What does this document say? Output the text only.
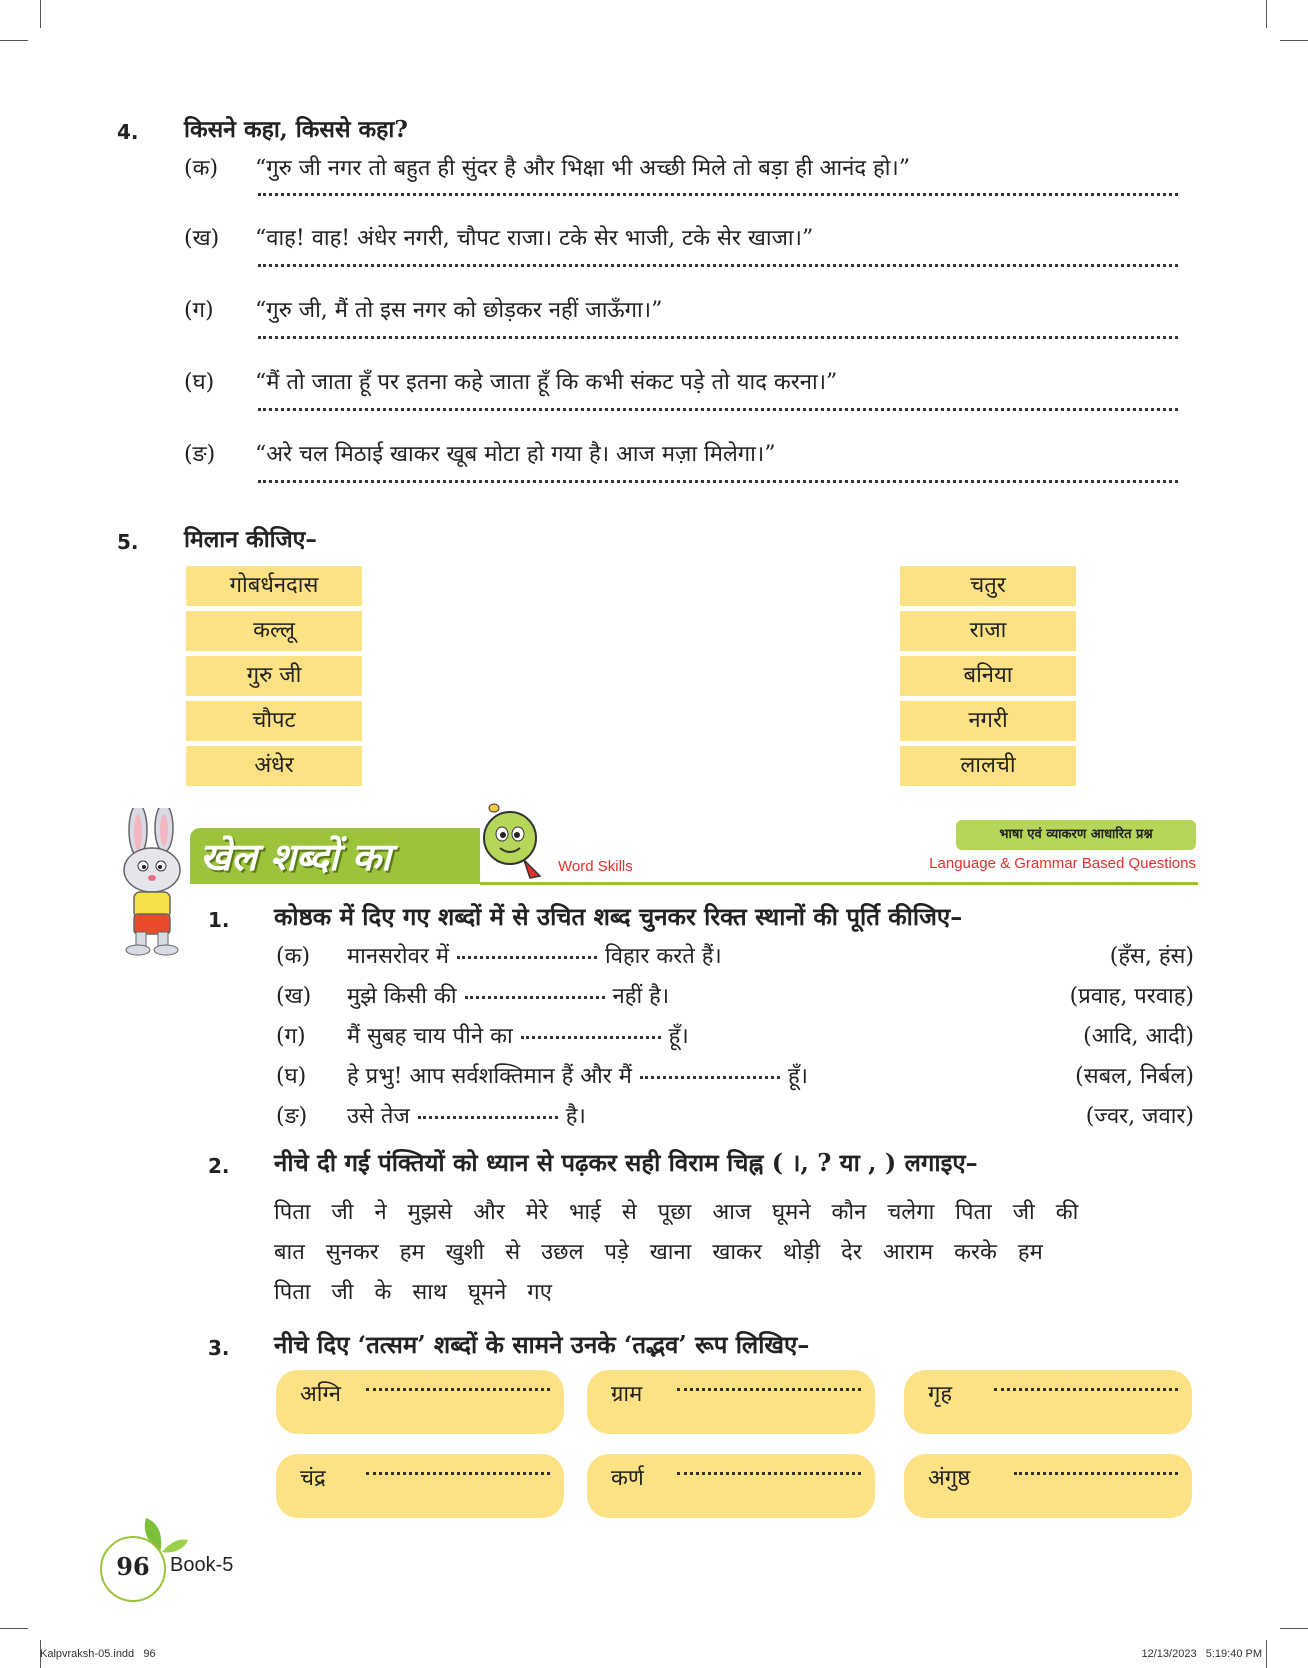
4. किसने कहा, किससे कहा?
(क) “गुरु जी नगर तो बहुत ही सुंदर है और भिक्षा भी अच्छी मिले तो बड़ा ही आनंद हो।”
(ख) “वाह! वाह! अंधेर नगरी, चौपट राजा। टके सेर भाजी, टके सेर खाजा।”
(ग) “गुरु जी, मैं तो इस नगर को छोड़कर नहीं जाऊँगा।”
(घ) “मैं तो जाता हूँ पर इतना कहे जाता हूँ कि कभी संकट पड़े तो याद करना।”
(ङ) “अरे चल मिठाई खाकर खूब मोटा हो गया है। आज मज़ा मिलेगा।”
5. मिलान कीजिए–
गोबर्धनदास
कल्लू
गुरु जी
चौपट
अंधेर
चतुर
राजा
बनिया
नगरी
लालची
खेल शब्दों का	Word Skills
भाषा एवं व्याकरण आधारित प्रश्न
Language & Grammar Based Questions
1. कोष्ठक में दिए गए शब्दों में से उचित शब्द चुनकर रिक्त स्थानों की पूर्ति कीजिए–
(क) मानसरोवर में	विहार करते हैं।	(हँस, हंस)
(ख) मुझे किसी की	नहीं है।	(प्रवाह, परवाह)
(ग) मैं सुबह चाय पीने का	हूँ।	(आदि, आदी)
(घ) हे प्रभु! आप सर्वशक्तिमान हैं और मैं	हूँ।	(सबल, निर्बल)
(ङ) उसे तेज	है।	(ज्वर, जवार)
2. नीचे दी गई पंक्तियों को ध्यान से पढ़कर सही विराम चिह्न ( ।, ? या , ) लगाइए–
पिता जी ने मुझसे और मेरे भाई से पूछा आज घूमने कौन चलेगा पिता जी की
बात सुनकर हम खुशी से उछल पड़े खाना खाकर थोड़ी देर आराम करके हम
पिता जी के साथ घूमने गए
3. नीचे दिए ‘तत्सम’ शब्दों के सामने उनके ‘तद्भव’ रूप लिखिए–
अग्नि	ग्राम	गृह
चंद्र	कर्ण	अंगुष्ठ
96	Book-5
Kalpvraksh-05.indd   96	12/13/2023   5:19:40 PM
